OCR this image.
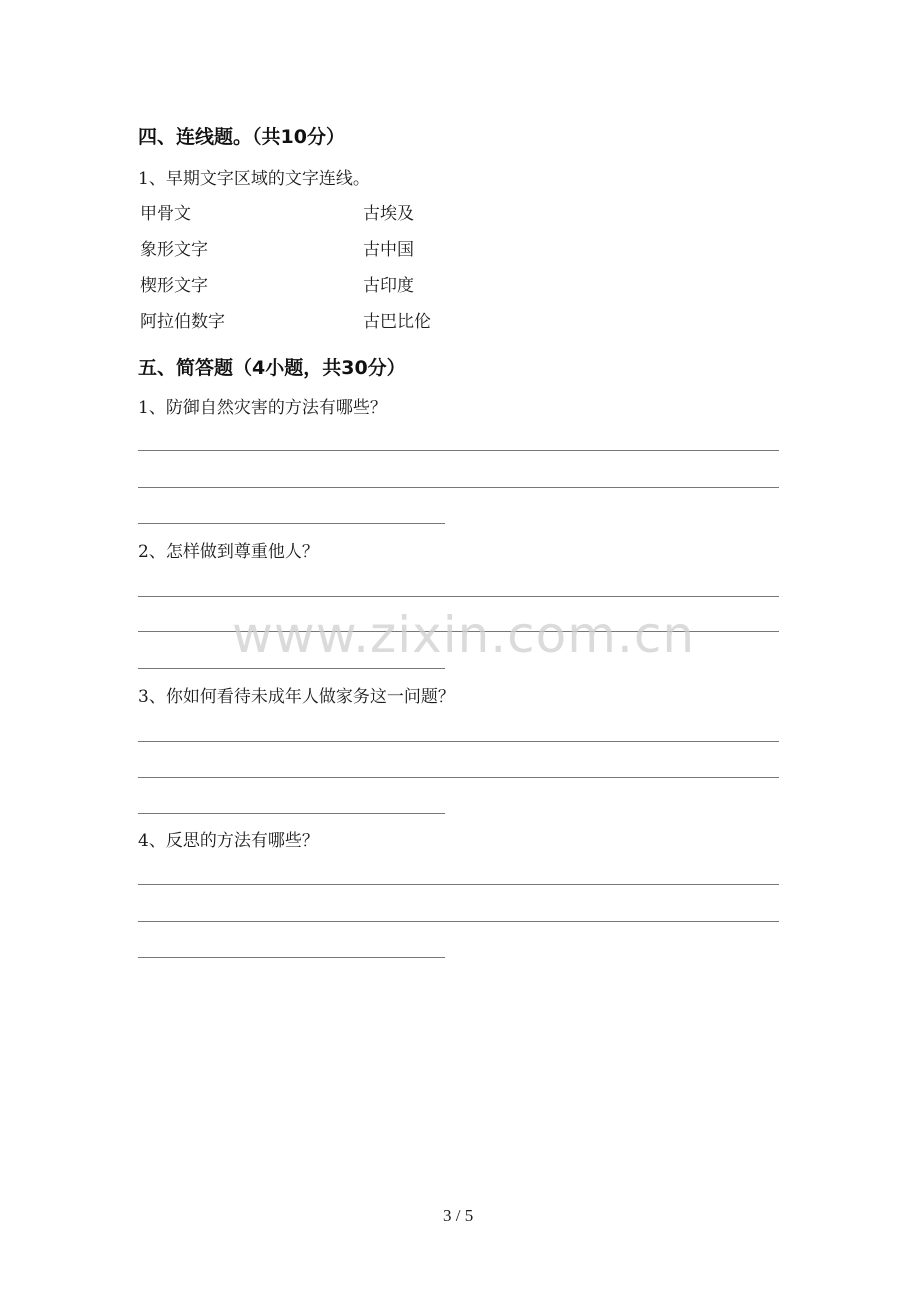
四、连线题。（共10分）
1、早期文字区域的文字连线。
甲骨文	古埃及
象形文字	古中国
楔形文字	古印度
阿拉伯数字	古巴比伦
五、简答题（4小题，共30分）
1、防御自然灾害的方法有哪些？
2、怎样做到尊重他人？
3、你如何看待未成年人做家务这一问题？
4、反思的方法有哪些？
www.zixin.com.cn
3 / 5
